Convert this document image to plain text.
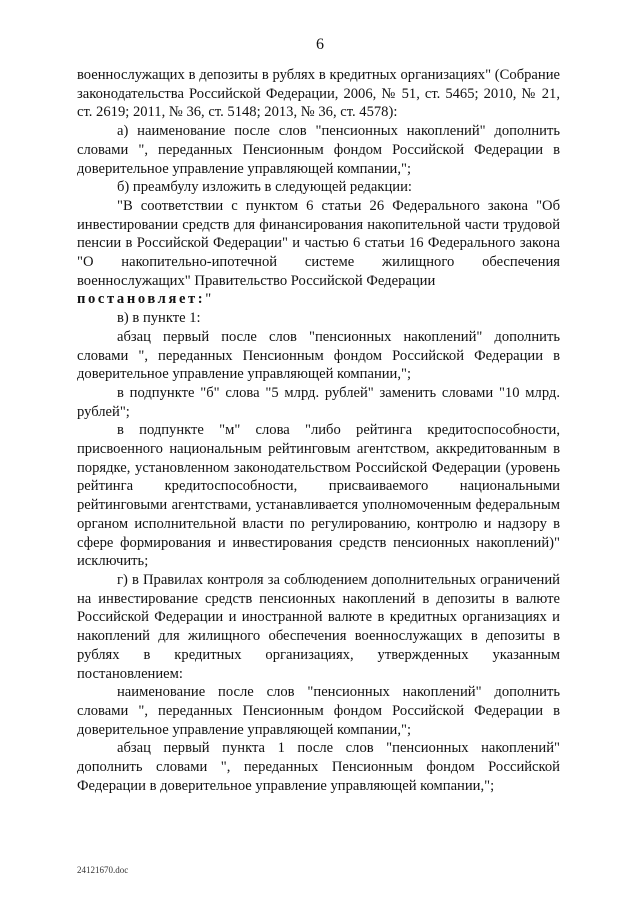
6

военнослужащих в депозиты в рублях в кредитных организациях" (Собрание законодательства Российской Федерации, 2006, № 51, ст. 5465; 2010, № 21, ст. 2619; 2011, № 36, ст. 5148; 2013, № 36, ст. 4578):

а) наименование после слов "пенсионных накоплений" дополнить словами ", переданных Пенсионным фондом Российской Федерации в доверительное управление управляющей компании,";

б) преамбулу изложить в следующей редакции:

"В соответствии с пунктом 6 статьи 26 Федерального закона "Об инвестировании средств для финансирования накопительной части трудовой пенсии в Российской Федерации" и частью 6 статьи 16 Федерального закона "О накопительно-ипотечной системе жилищного обеспечения военнослужащих" Правительство Российской Федерации

постановляет:"

в) в пункте 1:

абзац первый после слов "пенсионных накоплений" дополнить словами ", переданных Пенсионным фондом Российской Федерации в доверительное управление управляющей компании,";

в подпункте "б" слова "5 млрд. рублей" заменить словами "10 млрд. рублей";

в подпункте "м" слова "либо рейтинга кредитоспособности, присвоенного национальным рейтинговым агентством, аккредитованным в порядке, установленном законодательством Российской Федерации (уровень рейтинга кредитоспособности, присваиваемого национальными рейтинговыми агентствами, устанавливается уполномоченным федеральным органом исполнительной власти по регулированию, контролю и надзору в сфере формирования и инвестирования средств пенсионных накоплений)" исключить;

г) в Правилах контроля за соблюдением дополнительных ограничений на инвестирование средств пенсионных накоплений в депозиты в валюте Российской Федерации и иностранной валюте в кредитных организациях и накоплений для жилищного обеспечения военнослужащих в депозиты в рублях в кредитных организациях, утвержденных указанным постановлением:

наименование после слов "пенсионных накоплений" дополнить словами ", переданных Пенсионным фондом Российской Федерации в доверительное управление управляющей компании,";

абзац первый пункта 1 после слов "пенсионных накоплений" дополнить словами ", переданных Пенсионным фондом Российской Федерации в доверительное управление управляющей компании,";

24121670.doc
